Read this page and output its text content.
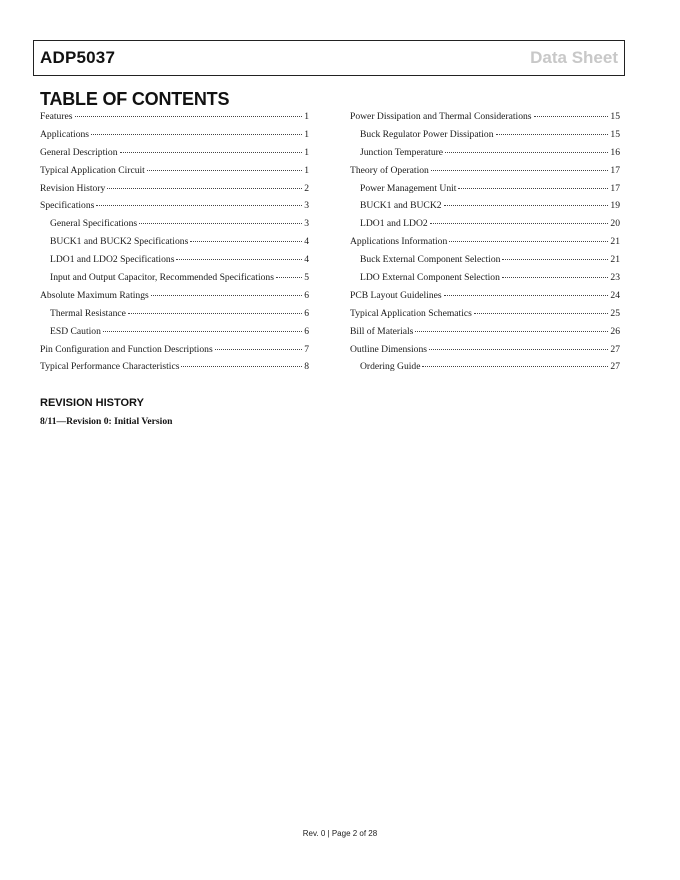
ADP5037	Data Sheet
TABLE OF CONTENTS
Features	1
Applications	1
General Description	1
Typical Application Circuit	1
Revision History	2
Specifications	3
General Specifications	3
BUCK1 and BUCK2 Specifications	4
LDO1 and LDO2 Specifications	4
Input and Output Capacitor, Recommended Specifications	5
Absolute Maximum Ratings	6
Thermal Resistance	6
ESD Caution	6
Pin Configuration and Function Descriptions	7
Typical Performance Characteristics	8
Power Dissipation and Thermal Considerations	15
Buck Regulator Power Dissipation	15
Junction Temperature	16
Theory of Operation	17
Power Management Unit	17
BUCK1 and BUCK2	19
LDO1 and LDO2	20
Applications Information	21
Buck External Component Selection	21
LDO External Component Selection	23
PCB Layout Guidelines	24
Typical Application Schematics	25
Bill of Materials	26
Outline Dimensions	27
Ordering Guide	27
REVISION HISTORY
8/11—Revision 0: Initial Version
Rev. 0 | Page 2 of 28
